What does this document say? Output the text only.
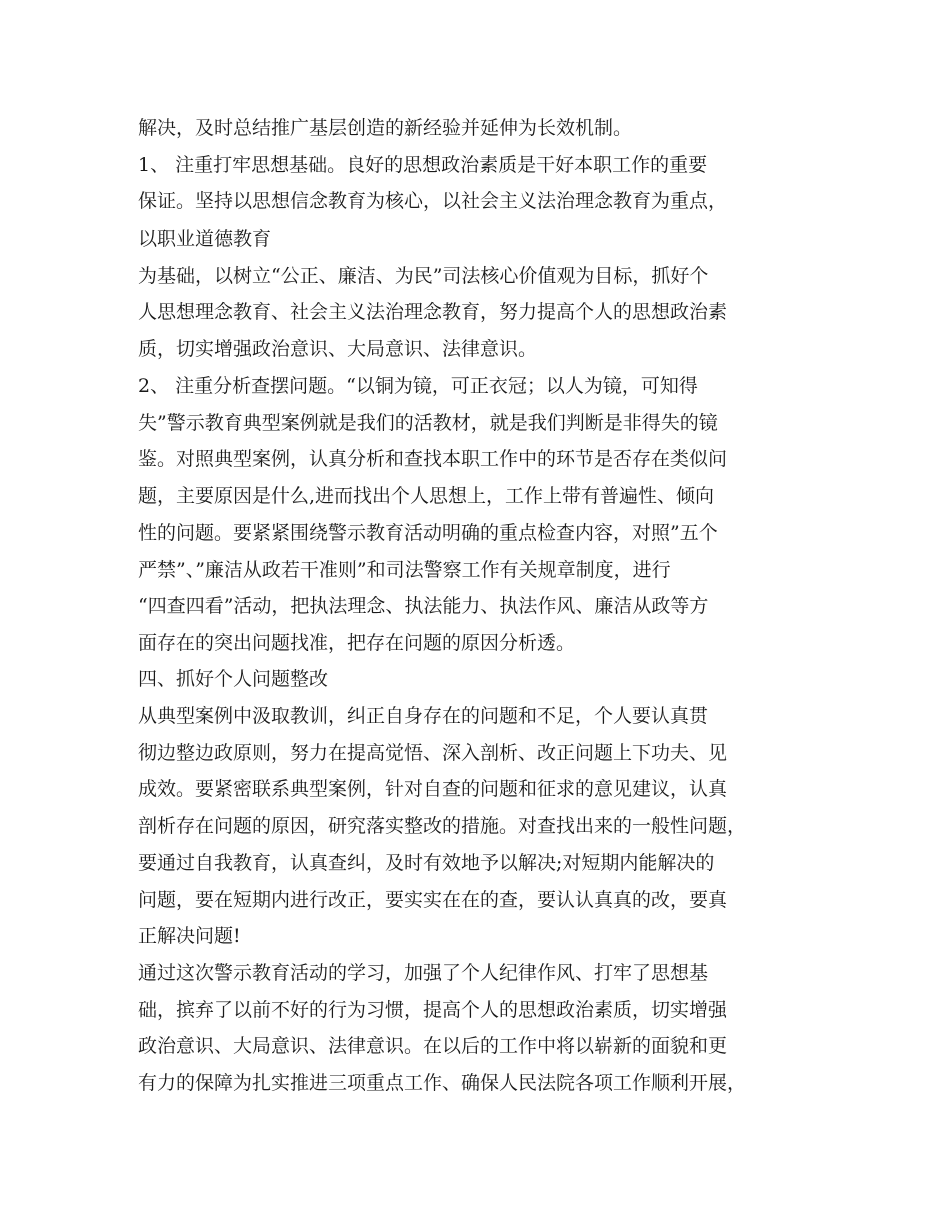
解决，及时总结推广基层创造的新经验并延伸为长效机制。
1、 注重打牢思想基础。良好的思想政治素质是干好本职工作的重要
保证。坚持以思想信念教育为核心，以社会主义法治理念教育为重点，
以职业道德教育
为基础，以树立“公正、廉洁、为民”司法核心价值观为目标，抓好个
人思想理念教育、社会主义法治理念教育，努力提高个人的思想政治素
质，切实增强政治意识、大局意识、法律意识。
2、 注重分析查摆问题。“以铜为镜，可正衣冠；以人为镜，可知得
失”警示教育典型案例就是我们的活教材，就是我们判断是非得失的镜
鉴。对照典型案例，认真分析和查找本职工作中的环节是否存在类似问
题，主要原因是什么,进而找出个人思想上，工作上带有普遍性、倾向
性的问题。要紧紧围绕警示教育活动明确的重点检查内容，对照”五个
严禁”、”廉洁从政若干准则”和司法警察工作有关规章制度，进行
“四查四看”活动，把执法理念、执法能力、执法作风、廉洁从政等方
面存在的突出问题找准，把存在问题的原因分析透。
四、抓好个人问题整改
从典型案例中汲取教训，纠正自身存在的问题和不足，个人要认真贯
彻边整边政原则，努力在提高觉悟、深入剖析、改正问题上下功夫、见
成效。要紧密联系典型案例，针对自查的问题和征求的意见建议，认真
剖析存在问题的原因，研究落实整改的措施。对查找出来的一般性问题，
要通过自我教育，认真查纠，及时有效地予以解决;对短期内能解决的
问题，要在短期内进行改正，要实实在在的查，要认认真真的改，要真
正解决问题!
通过这次警示教育活动的学习，加强了个人纪律作风、打牢了思想基
础，摈弃了以前不好的行为习惯，提高个人的思想政治素质，切实增强
政治意识、大局意识、法律意识。在以后的工作中将以崭新的面貌和更
有力的保障为扎实推进三项重点工作、确保人民法院各项工作顺利开展，
